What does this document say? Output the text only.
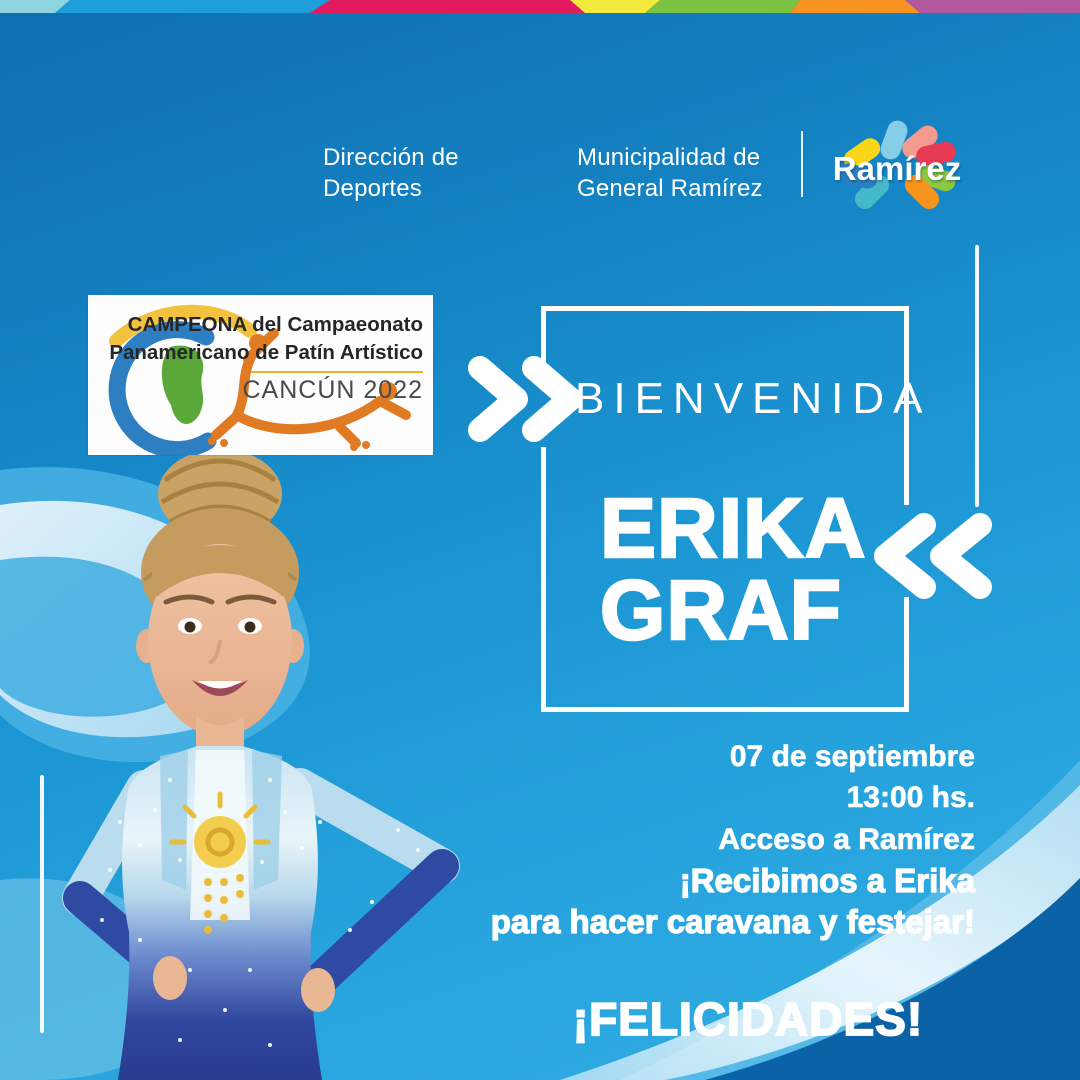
Dirección de
Deportes
Municipalidad de
General Ramírez
Ramírez
CAMPEONA del Campaeonato
Panamericano de Patín Artístico
CANCÚN 2022	BIENVENIDA
ERIKA
GRAF
07 de septiembre
13:00 hs.
Acceso a Ramírez
¡Recibimos a Erika
para hacer caravana y festejar!
¡FELICIDADES!
